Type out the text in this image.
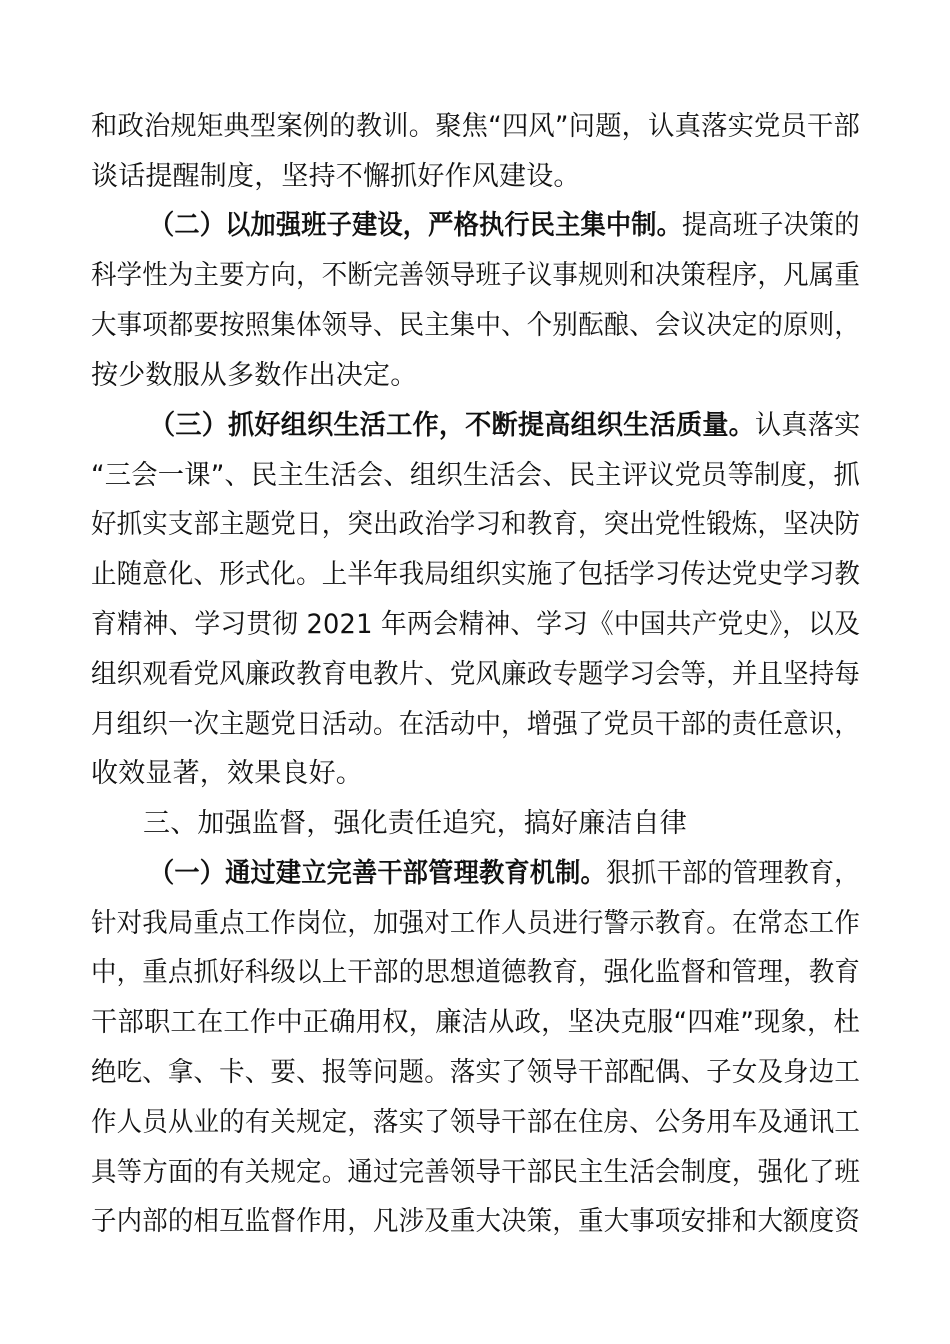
和政治规矩典型案例的教训。聚焦“四风”问题，认真落实党员干部
谈话提醒制度，坚持不懈抓好作风建设。
（二）以加强班子建设，严格执行民主集中制。提高班子决策的
科学性为主要方向，不断完善领导班子议事规则和决策程序，凡属重
大事项都要按照集体领导、民主集中、个别酝酿、会议决定的原则，
按少数服从多数作出决定。
（三）抓好组织生活工作，不断提高组织生活质量。认真落实
“三会一课”、民主生活会、组织生活会、民主评议党员等制度，抓
好抓实支部主题党日，突出政治学习和教育，突出党性锻炼，坚决防
止随意化、形式化。上半年我局组织实施了包括学习传达党史学习教
育精神、学习贯彻 2021 年两会精神、学习《中国共产党史》，以及
组织观看党风廉政教育电教片、党风廉政专题学习会等，并且坚持每
月组织一次主题党日活动。在活动中，增强了党员干部的责任意识，
收效显著，效果良好。
三、加强监督，强化责任追究，搞好廉洁自律
（一）通过建立完善干部管理教育机制。狠抓干部的管理教育，
针对我局重点工作岗位，加强对工作人员进行警示教育。在常态工作
中，重点抓好科级以上干部的思想道德教育，强化监督和管理，教育
干部职工在工作中正确用权，廉洁从政，坚决克服“四难”现象，杜
绝吃、拿、卡、要、报等问题。落实了领导干部配偶、子女及身边工
作人员从业的有关规定，落实了领导干部在住房、公务用车及通讯工
具等方面的有关规定。通过完善领导干部民主生活会制度，强化了班
子内部的相互监督作用，凡涉及重大决策，重大事项安排和大额度资
